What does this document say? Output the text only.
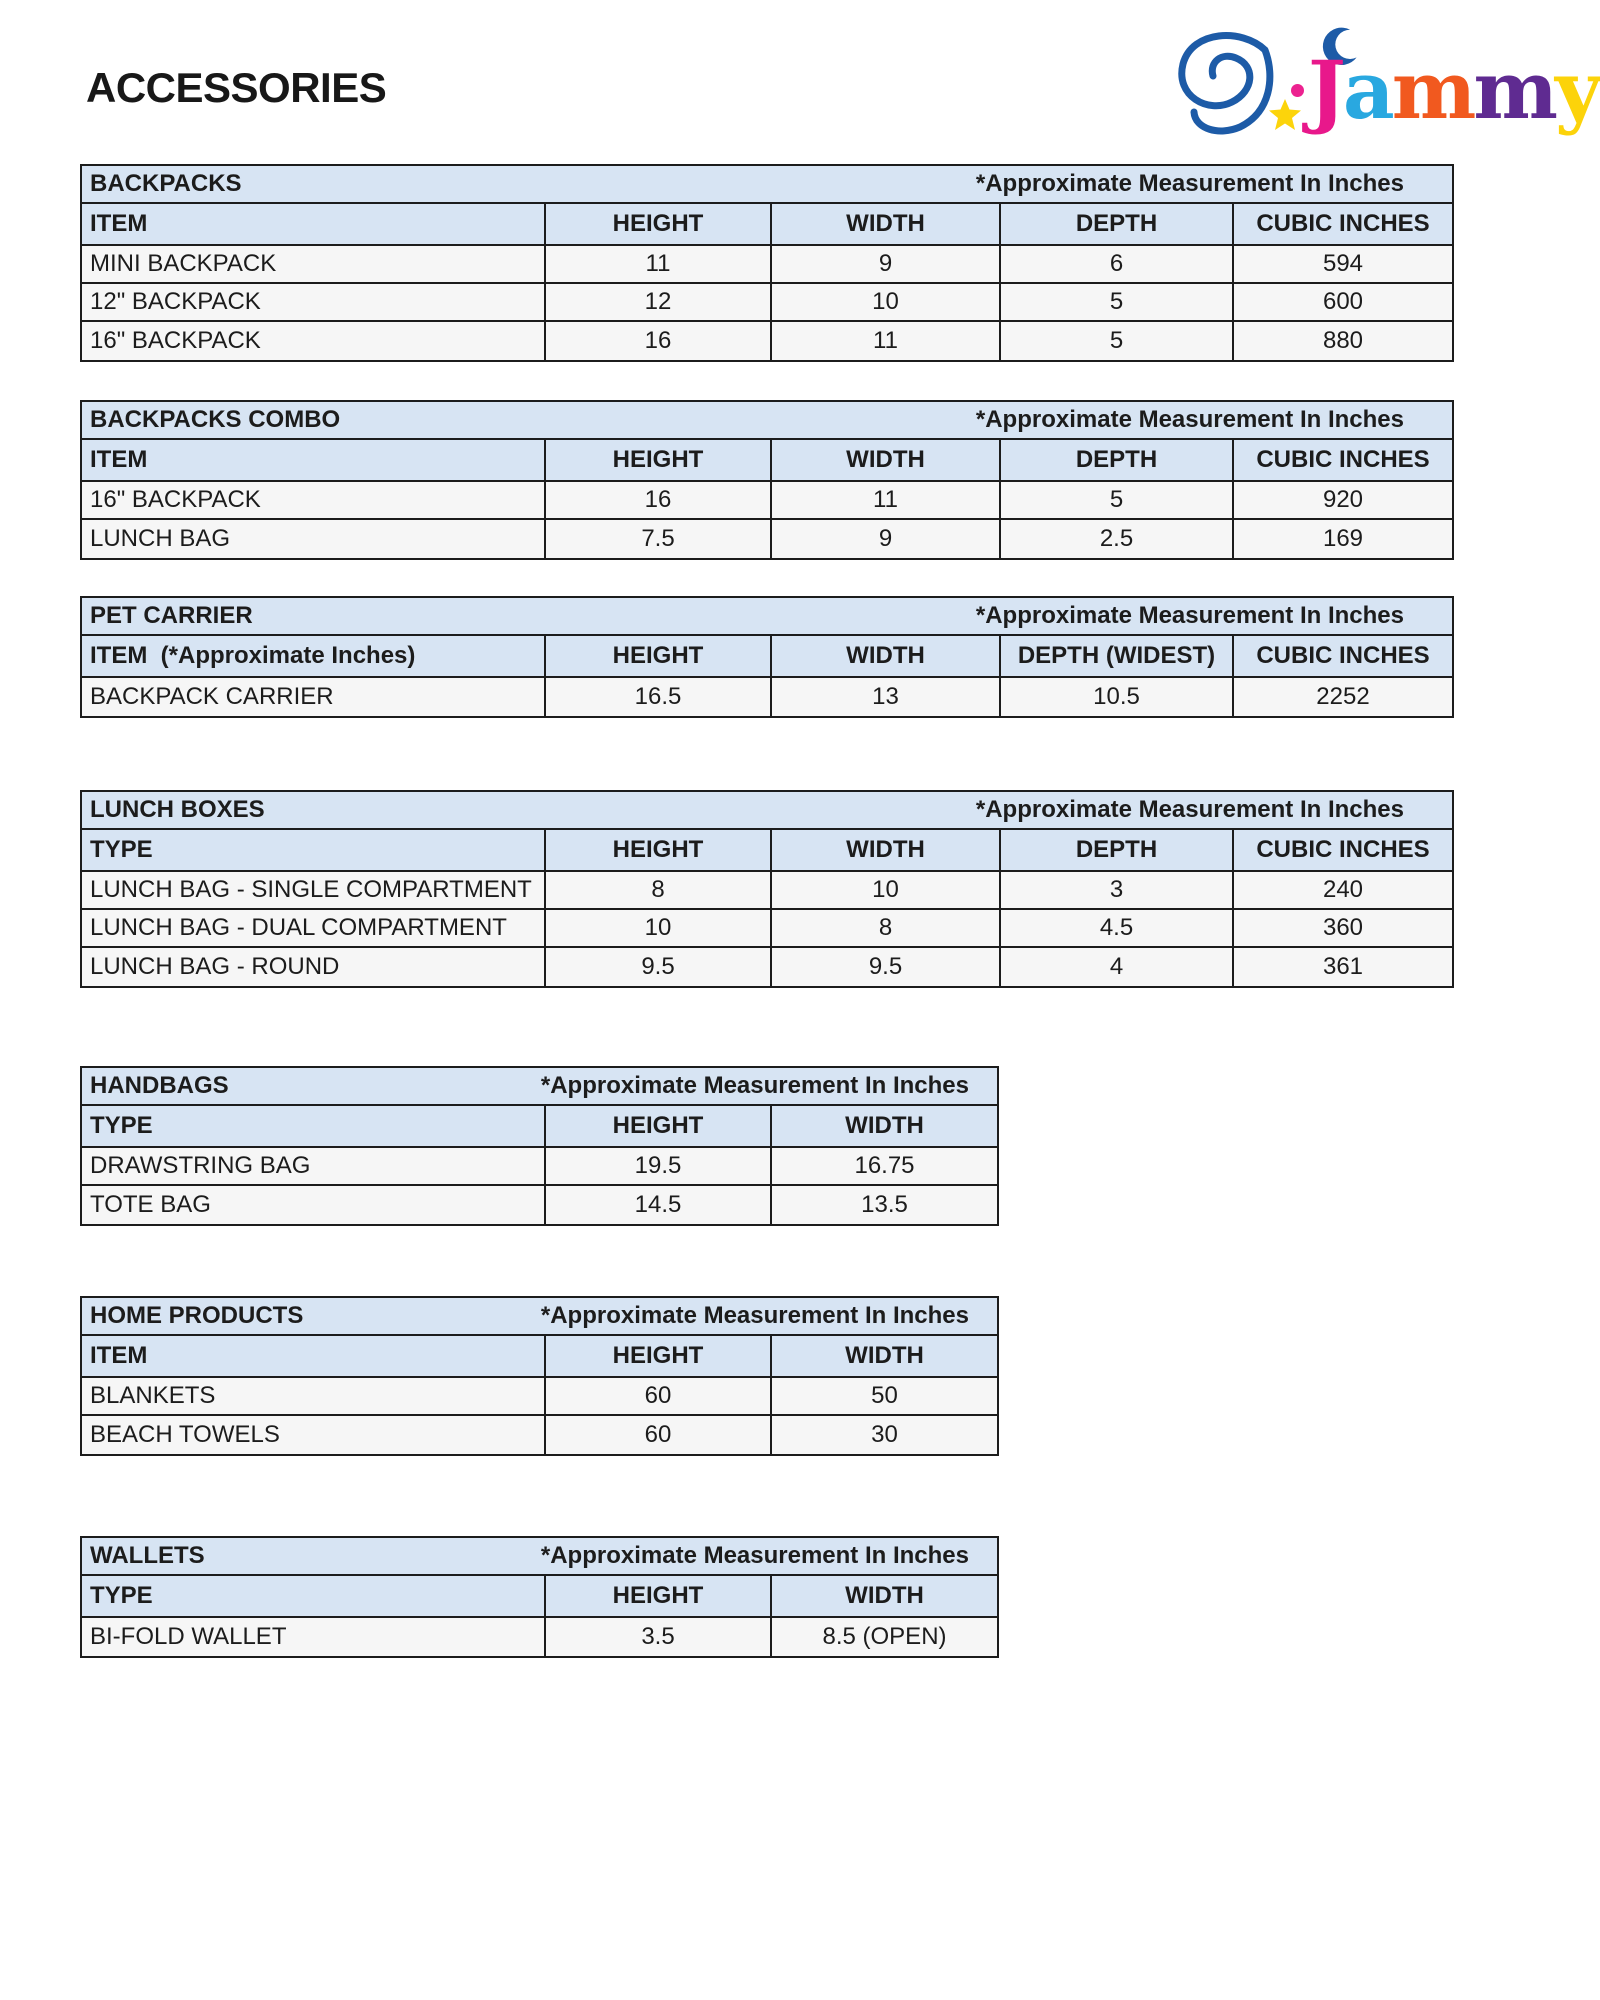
ACCESSORIES	Jammy
BACKPACKS	*Approximate Measurement In Inches
ITEM	HEIGHT	WIDTH	DEPTH	CUBIC INCHES
MINI BACKPACK	11	9	6	594
12" BACKPACK	12	10	5	600
16" BACKPACK	16	11	5	880
BACKPACKS COMBO	*Approximate Measurement In Inches
ITEM	HEIGHT	WIDTH	DEPTH	CUBIC INCHES
16" BACKPACK	16	11	5	920
LUNCH BAG	7.5	9	2.5	169
PET CARRIER	*Approximate Measurement In Inches
ITEM  (*Approximate Inches)	HEIGHT	WIDTH	DEPTH (WIDEST)	CUBIC INCHES
BACKPACK CARRIER	16.5	13	10.5	2252
LUNCH BOXES	*Approximate Measurement In Inches
TYPE	HEIGHT	WIDTH	DEPTH	CUBIC INCHES
LUNCH BAG - SINGLE COMPARTMENT	8	10	3	240
LUNCH BAG - DUAL COMPARTMENT	10	8	4.5	360
LUNCH BAG - ROUND	9.5	9.5	4	361
HANDBAGS	*Approximate Measurement In Inches
TYPE	HEIGHT	WIDTH
DRAWSTRING BAG	19.5	16.75
TOTE BAG	14.5	13.5
HOME PRODUCTS	*Approximate Measurement In Inches
ITEM	HEIGHT	WIDTH
BLANKETS	60	50
BEACH TOWELS	60	30
WALLETS	*Approximate Measurement In Inches
TYPE	HEIGHT	WIDTH
BI-FOLD WALLET	3.5	8.5 (OPEN)
